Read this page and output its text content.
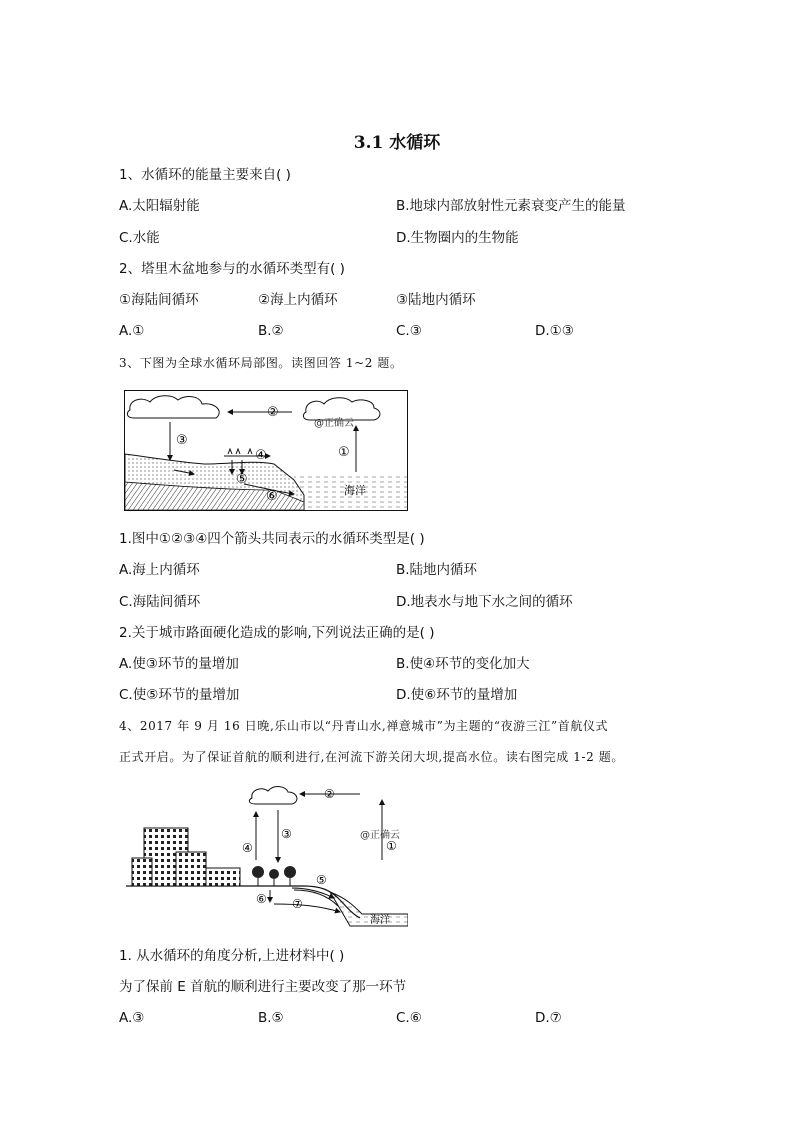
3.1 水循环
1、水循环的能量主要来自( )
A.太阳辐射能	B.地球内部放射性元素衰变产生的能量
C.水能	D.生物圈内的生物能
2、塔里木盆地参与的水循环类型有( )
①海陆间循环	②海上内循环	③陆地内循环
A.①	B.②	C.③	D.①③
3、下图为全球水循环局部图。读图回答 1~2 题。
②
③
①
④
⑤
⑥
@正确云
海洋
1.图中①②③④四个箭头共同表示的水循环类型是( )
A.海上内循环	B.陆地内循环
C.海陆间循环	D.地表水与地下水之间的循环
2.关于城市路面硬化造成的影响,下列说法正确的是( )
A.使③环节的量增加	B.使④环节的变化加大
C.使⑤环节的量增加	D.使⑥环节的量增加
4、2017 年 9 月 16 日晚,乐山市以“丹青山水,禅意城市”为主题的“夜游三江”首航仪式
正式开启。为了保证首航的顺利进行,在河流下游关闭大坝,提高水位。读右图完成 1-2 题。
②
③
④
⑤
⑥ ⑦
①
@正确云
海洋
1. 从水循环的角度分析,上进材料中( )
为了保前 E 首航的顺利进行主要改变了那一环节
A.③	B.⑤	C.⑥	D.⑦
